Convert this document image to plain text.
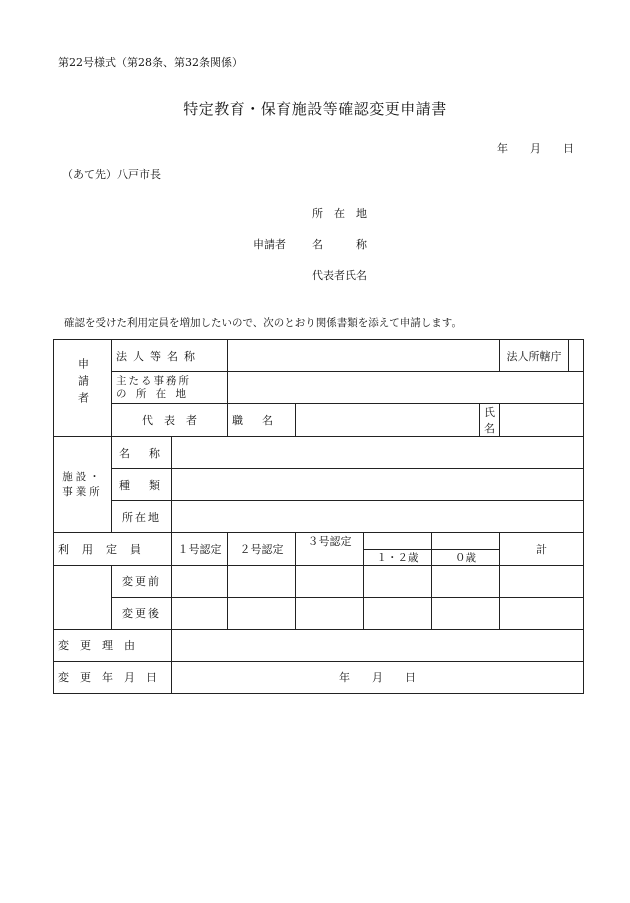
第22号様式（第28条、第32条関係）
特定教育・保育施設等確認変更申請書
年　　月　　日
（あて先）八戸市長
所　在　地
申請者 名　　　称
代表者氏名
確認を受けた利用定員を増加したいので、次のとおり関係書類を添えて申請します。
申請者	法人等名称							法人所轄庁	

	主たる事務所
の 所 在 地								

	代　表　者		職　名				氏　名		

施設・
事業所	名　称								
	種　類								
	所在地								
利　用　定　員		１号認定	２号認定	３号認定				計	
					１・２歳	０歳			
	変更前								
	変更後								
変　更　理　由									
変　更　年　月　日		年　　月　　日							
